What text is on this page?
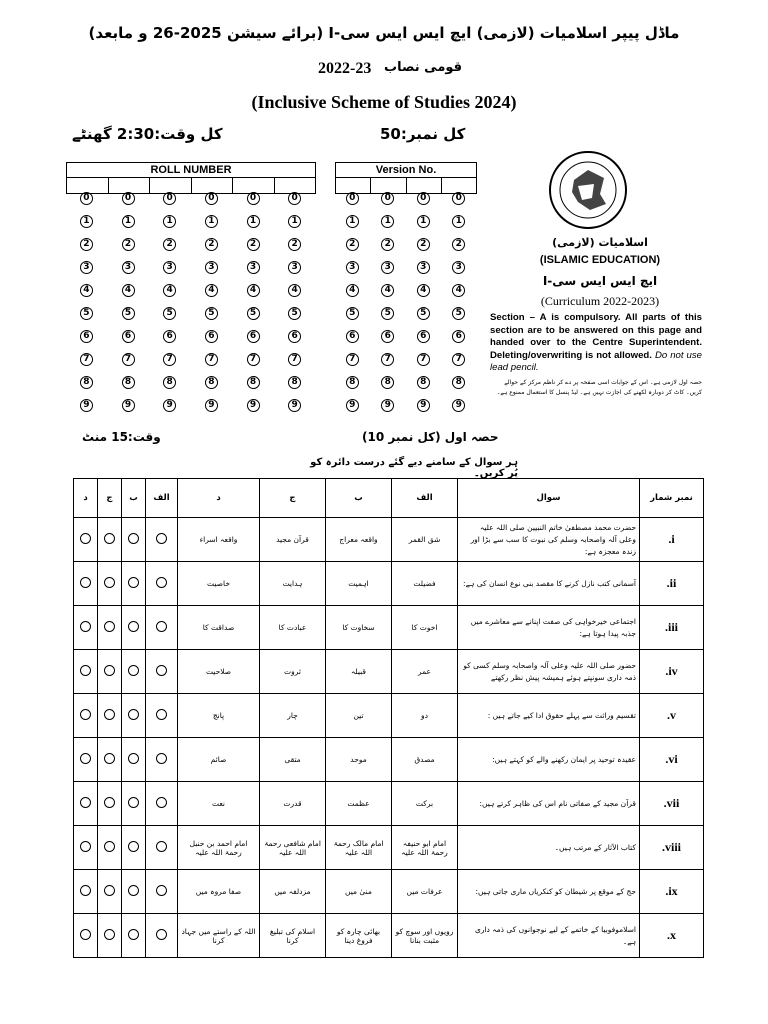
ماڈل پیپر اسلامیات (لازمی) ایچ ایس ایس سی-I (برائے سیشن 2025-26 و مابعد)
قومی نصاب
2022-23
(Inclusive Scheme of Studies 2024)
کل وقت:2:30 گھنٹے	کل نمبر:50
ROLL NUMBER
0	0	0	0	0	0
1	1	1	1	1	1
2	2	2	2	2	2
3	3	3	3	3	3
4	4	4	4	4	4
5	5	5	5	5	5
6	6	6	6	6	6
7	7	7	7	7	7
8	8	8	8	8	8
9	9	9	9	9	9
Version No.
0	0	0	0
1	1	1	1
2	2	2	2
3	3	3	3
4	4	4	4
5	5	5	5
6	6	6	6
7	7	7	7
8	8	8	8
9	9	9	9
اسلامیات (لازمی)
(ISLAMIC EDUCATION)
ایچ ایس ایس سی-I
(Curriculum 2022-2023)
Section – A is compulsory. All parts of this section are to be answered on this page and handed over to the Centre Superintendent. Deleting/overwriting is not allowed. Do not use lead pencil.
حصہ اول لازمی ہے۔ اس کے جوابات اسی صفحہ پر دے کر ناظم مرکز کے حوالے کریں۔ کاٹ کر دوبارہ لکھنے کی اجازت نہیں ہے۔ لیڈ پنسل کا استعمال ممنوع ہے۔
وقت:15 منٹ	حصہ اول (کل نمبر 10)
ہر سوال کے سامنے دیے گئے درست دائرہ کو پُر کریں۔
د	ج	ب	الف	د	ج	ب	الف	سوال	نمبر شمار
				واقعہ اسراء	قرآن مجید	واقعہ معراج	شق القمر	حضرت محمد مصطفیٰ خاتم النبیین صلی اللہ علیہ وعلی آلہ واصحابہ وسلم کی نبوت کا سب سے بڑا اور زندہ معجزہ ہے:	.i
				خاصیت	ہدایت	اہمیت	فضیلت	آسمانی کتب نازل کرنے کا مقصد بنی نوع انسان کی ہے:	.ii
				صداقت کا	عبادت کا	سخاوت کا	اخوت کا	اجتماعی خیرخواہی کی صفت اپنانے سے معاشرے میں جذبہ پیدا ہوتا ہے:	.iii
				صلاحیت	ثروت	قبیلہ	عمر	حضور صلی اللہ علیہ وعلی آلہ واصحابہ وسلم کسی کو ذمہ داری سونپتے ہوئے ہمیشہ پیش نظر رکھتے	.iv
				پانچ	چار	تین	دو	تقسیم وراثت سے پہلے حقوق ادا کیے جاتے ہیں :	.v
				صائم	متقی	موحد	مصدق	عقیدہ توحید پر ایمان رکھنے والے کو کہتے ہیں:	.vi
				نعت	قدرت	عظمت	برکت	قرآن مجید کے صفاتی نام اس کی ظاہر کرتے ہیں:	.vii
				امام احمد بن حنبل رحمۃ اللہ علیہ	امام شافعی رحمۃ اللہ علیہ	امام مالک رحمۃ اللہ علیہ	امام ابو حنیفہ رحمۃ اللہ علیہ	کتاب الآثار کے مرتب ہیں۔	.viii
				صفا مروہ میں	مزدلفہ میں	منیٰ میں	عرفات میں	حج کے موقع پر شیطان کو کنکریاں ماری جاتی ہیں:	.ix
				اللہ کے راستے میں جہاد کرنا	اسلام کی تبلیغ کرنا	بھائی چارہ کو فروغ دینا	رویوں اور سوچ کو مثبت بنانا	اسلاموفوبیا کے خاتمے کے لیے نوجوانوں کی ذمہ داری ہے۔	.x
